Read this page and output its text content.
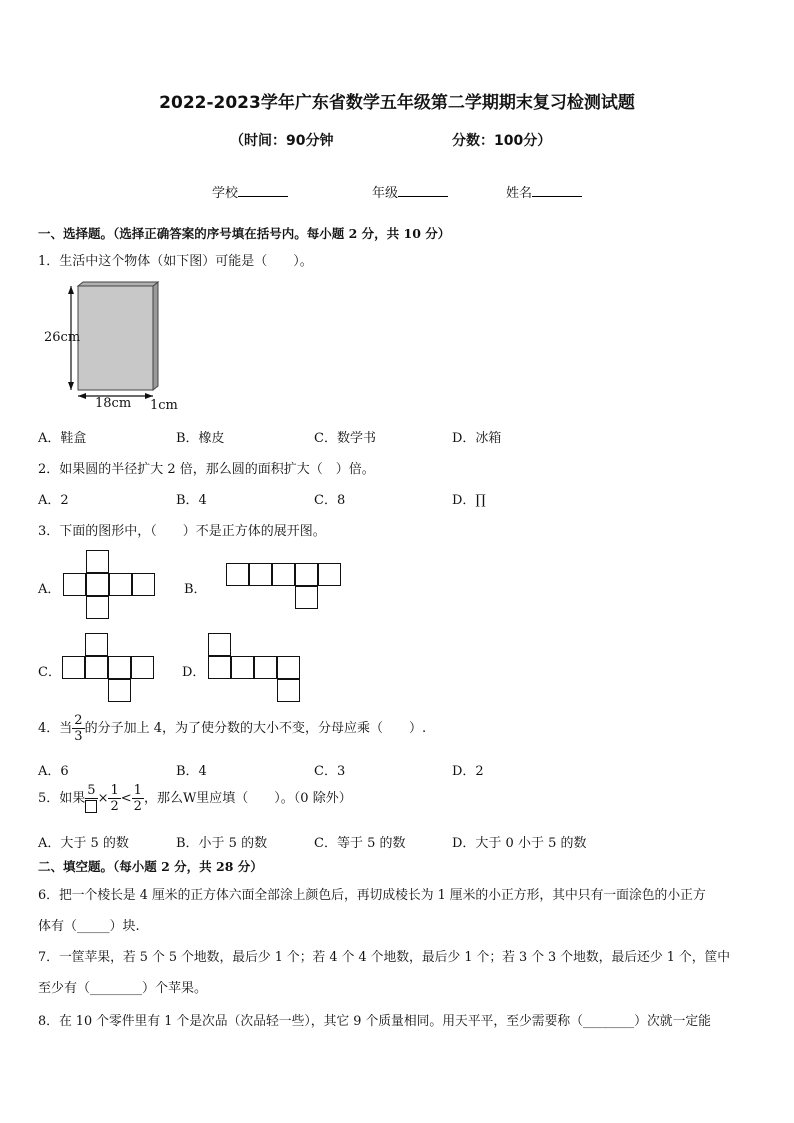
2022-2023学年广东省数学五年级第二学期期末复习检测试题
（时间：90分钟	分数：100分）
学校	年级	姓名
一、选择题。（选择正确答案的序号填在括号内。每小题 2 分，共 10 分）
1．生活中这个物体（如下图）可能是（　　）。
26cm
18cm 1cm
A．鞋盒	B．橡皮	C．数学书	D．冰箱
2．如果圆的半径扩大 2 倍，那么圆的面积扩大（　）倍。
A．2	B．4	C．8	D．∏
3．下面的图形中，（　　）不是正方体的展开图。
A．	B．
C．	D．
4．当 $\frac{2}{3}$ 的分子加上 4，为了使分数的大小不变，分母应乘（　　）.
A．6	B．4	C．3	D．2
5．如果
5
× $\frac{1}{2} < \frac{1}{2}$ ，那么W里应填（　　）。（0 除外）
A．大于 5 的数	B．小于 5 的数	C．等于 5 的数	D．大于 0 小于 5 的数
二、填空题。（每小题 2 分，共 28 分）
6．把一个棱长是 4 厘米的正方体六面全部涂上颜色后，再切成棱长为 1 厘米的小正方形，其中只有一面涂色的小正方
体有（_____）块.
7．一筐苹果，若 5 个 5 个地数，最后少 1 个；若 4 个 4 个地数，最后少 1 个；若 3 个 3 个地数，最后还少 1 个，筐中
至少有（________）个苹果。
8．在 10 个零件里有 1 个是次品（次品轻一些），其它 9 个质量相同。用天平平，至少需要称（________）次就一定能
